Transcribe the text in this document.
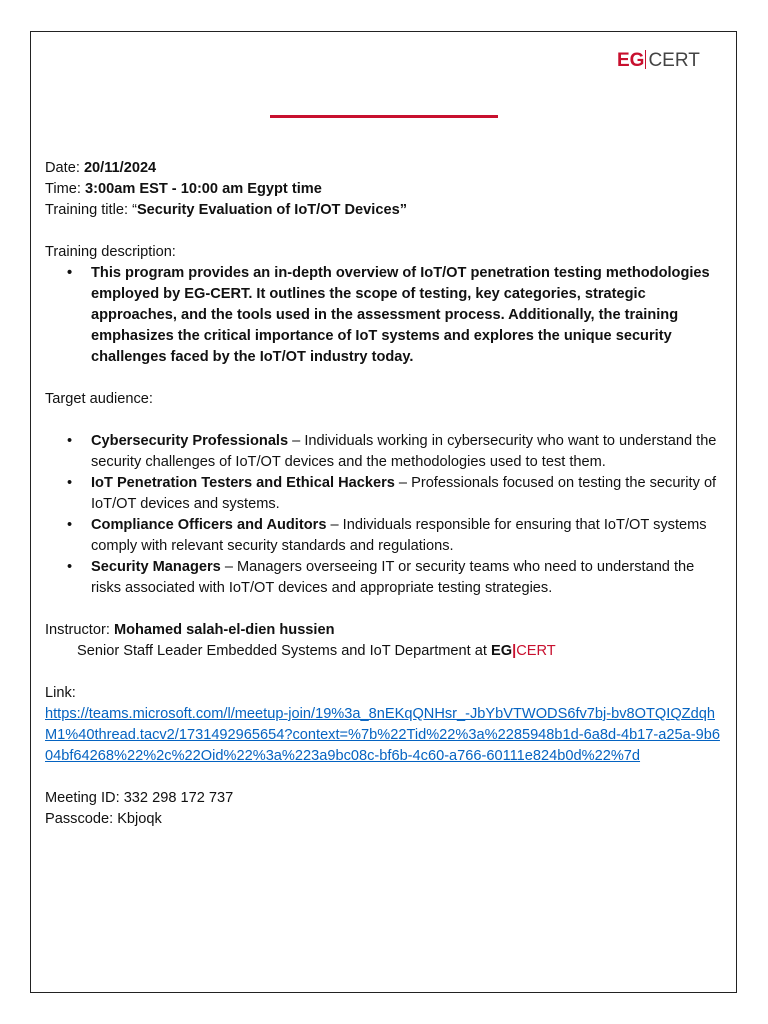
EG CERT

Date: 20/11/2024

Time: 3:00am EST - 10:00 am Egypt time

Training title: “Security Evaluation of IoT/OT Devices”

Training description:

• This program provides an in-depth overview of IoT/OT penetration testing methodologies employed by EG-CERT. It outlines the scope of testing, key categories, strategic approaches, and the tools used in the assessment process. Additionally, the training emphasizes the critical importance of IoT systems and explores the unique security challenges faced by the IoT/OT industry today.

Target audience:

• Cybersecurity Professionals – Individuals working in cybersecurity who want to understand the security challenges of IoT/OT devices and the methodologies used to test them.
• IoT Penetration Testers and Ethical Hackers – Professionals focused on testing the security of IoT/OT devices and systems.
• Compliance Officers and Auditors – Individuals responsible for ensuring that IoT/OT systems comply with relevant security standards and regulations.
• Security Managers – Managers overseeing IT or security teams who need to understand the risks associated with IoT/OT devices and appropriate testing strategies.

Instructor: Mohamed salah-el-dien hussien

Senior Staff Leader Embedded Systems and IoT Department at EG|CERT

Link:

https://teams.microsoft.com/l/meetup-join/19%3a_8nEKqQNHsr_-JbYbVTWODS6fv7bj-bv8OTQIQZdqhM1%40thread.tacv2/1731492965654?context=%7b%22Tid%22%3a%2285948b1d-6a8d-4b17-a25a-9b604bf64268%22%2c%22Oid%22%3a%223a9bc08c-bf6b-4c60-a766-60111e824b0d%22%7d

Meeting ID: 332 298 172 737

Passcode: Kbjoqk
